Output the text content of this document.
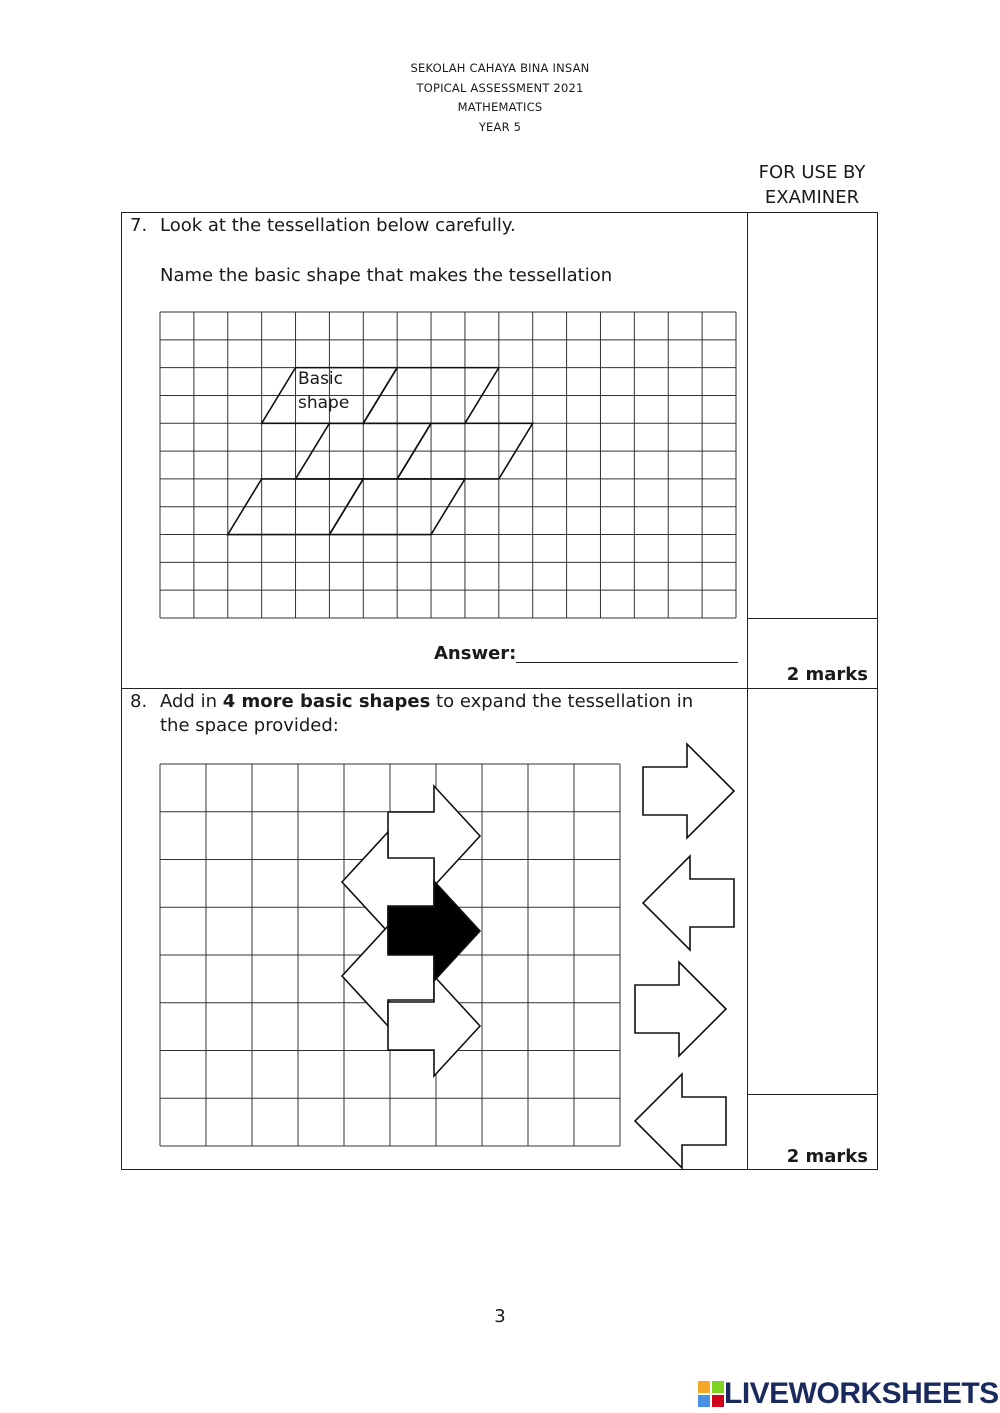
SEKOLAH CAHAYA BINA INSAN
TOPICAL ASSESSMENT 2021
MATHEMATICS
YEAR 5
FOR USE BY
EXAMINER
7. Look at the tessellation below carefully.
Name the basic shape that makes the tessellation
Basic
shape
Answer:
2 marks
8. Add in 4 more basic shapes to expand the tessellation in
the space provided:
2 marks
3
LIVEWORKSHEETS
